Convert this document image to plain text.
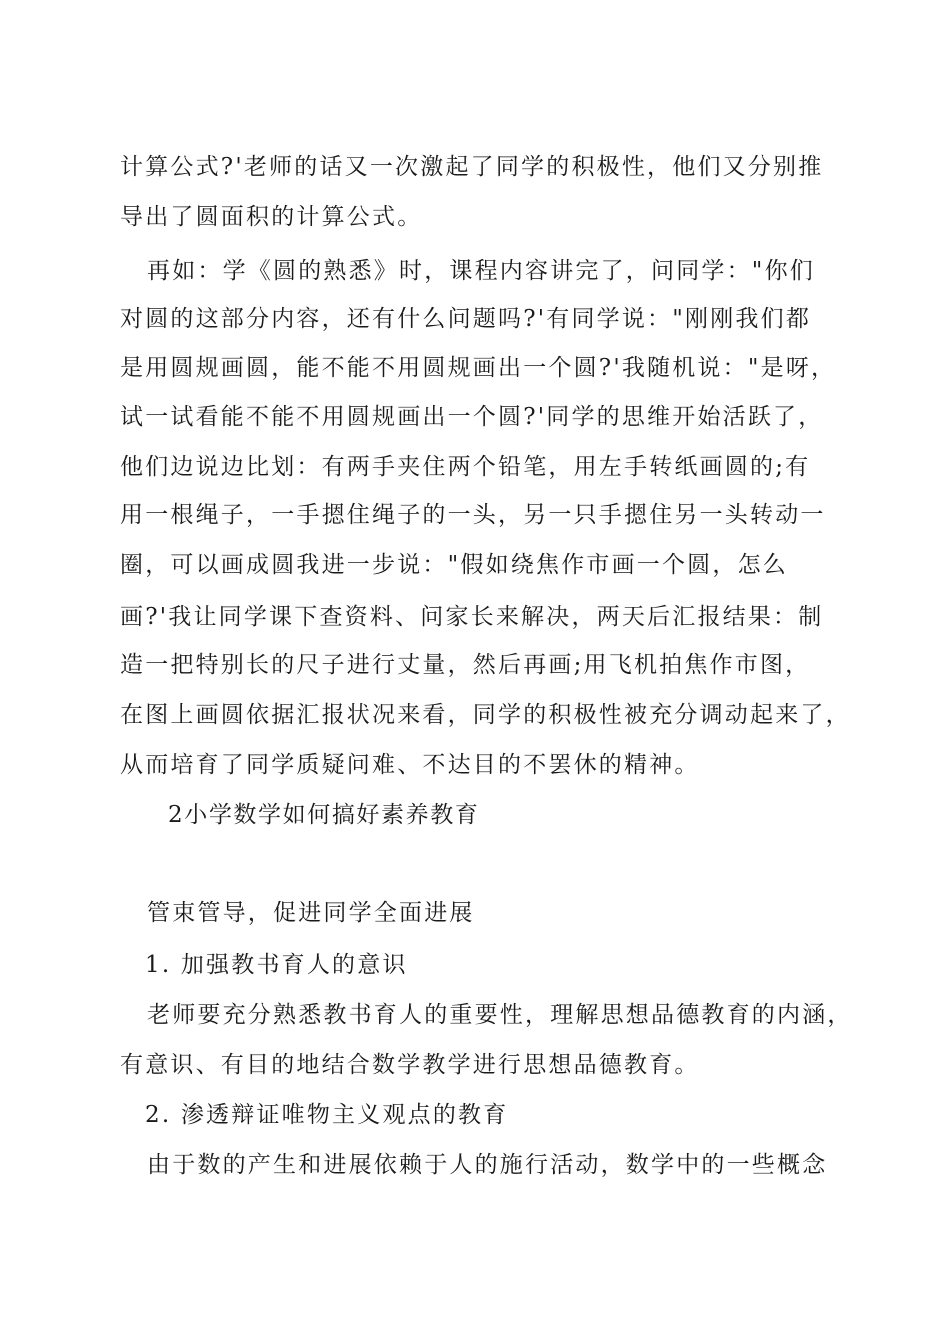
计算公式?'老师的话又一次激起了同学的积极性，他们又分别推
导出了圆面积的计算公式。
再如：学《圆的熟悉》时，课程内容讲完了，问同学："你们
对圆的这部分内容，还有什么问题吗?'有同学说："刚刚我们都
是用圆规画圆，能不能不用圆规画出一个圆?'我随机说："是呀，
试一试看能不能不用圆规画出一个圆?'同学的思维开始活跃了，
他们边说边比划：有两手夹住两个铅笔，用左手转纸画圆的;有
用一根绳子，一手摁住绳子的一头，另一只手摁住另一头转动一
圈，可以画成圆我进一步说："假如绕焦作市画一个圆，怎么
画?'我让同学课下查资料、问家长来解决，两天后汇报结果：制
造一把特别长的尺子进行丈量，然后再画;用飞机拍焦作市图，
在图上画圆依据汇报状况来看，同学的积极性被充分调动起来了，
从而培育了同学质疑问难、不达目的不罢休的精神。
2小学数学如何搞好素养教育
管束管导，促进同学全面进展
1. 加强教书育人的意识
老师要充分熟悉教书育人的重要性，理解思想品德教育的内涵，
有意识、有目的地结合数学教学进行思想品德教育。
2. 渗透辩证唯物主义观点的教育
由于数的产生和进展依赖于人的施行活动，数学中的一些概念
